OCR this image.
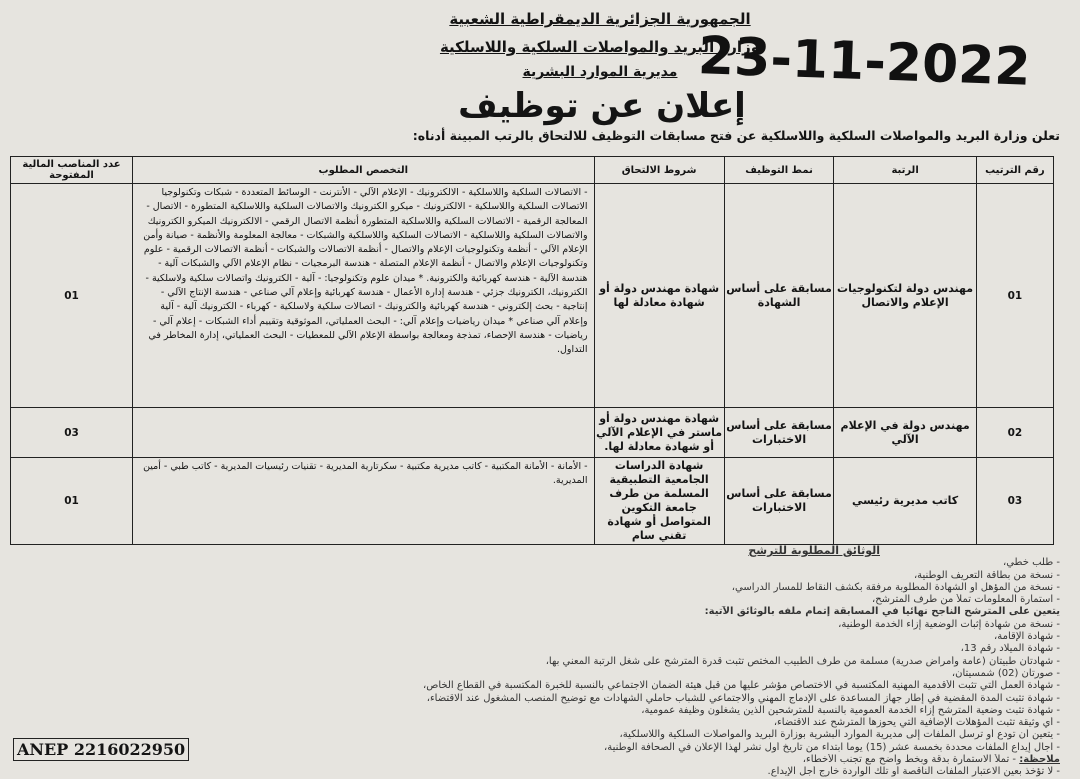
الجمهورية الجزائرية الديمقراطية الشعبية
وزارة البريد والمواصلات السلكية واللاسلكية
مديرية الموارد البشرية
إعلان عن توظيف
23-11-2022
تعلن وزارة البريد والمواصلات السلكية واللاسلكية عن فتح مسابقات التوظيف للالتحاق بالرتب المبينة أدناه:
رقم الترتيب	الرتبة	نمط التوظيف	شروط الالتحاق	التخصص المطلوب	عدد المناصب المالية المفتوحة
01	مهندس دولة لتكنولوجيات الإعلام والاتصال	مسابقة على أساس الشهادة	شهادة مهندس دولة أو شهادة معادلة لها	- الاتصالات السلكية واللاسلكية - الالكترونيك - الإعلام الآلي - الأنترنت - الوسائط المتعددة - شبكات وتكنولوجيا الاتصالات السلكية واللاسلكية - الالكترونيك - ميكرو الكترونيك والاتصالات السلكية واللاسلكية المتطورة - الاتصال - المعالجة الرقمية - الاتصالات السلكية واللاسلكية المتطورة أنظمة الاتصال الرقمي - الالكترونيك الميكرو الكترونيك والاتصالات السلكية واللاسلكية - الاتصالات السلكية واللاسلكية والشبكات - معالجة المعلومة والأنظمة - صيانة وأمن الإعلام الآلي - أنظمة وتكنولوجيات الإعلام والاتصال - أنظمة الاتصالات والشبكات - أنظمة الاتصالات الرقمية - علوم وتكنولوجيات الإعلام والاتصال - أنظمة الإعلام المتصلة - هندسة البرمجيات - نظام الإعلام الآلي والشبكات آلية - هندسة الآلية - هندسة كهربائية والكترونية. * ميدان علوم وتكنولوجيا: - آلية - الكترونيك واتصالات سلكية ولاسلكية - الكترونيك، الكترونيك جزئي - هندسة إدارة الأعمال - هندسة كهربائية وإعلام آلي صناعي - هندسة الإنتاج الآلي - إنتاجية - بحث إلكتروني - هندسة كهربائية والكترونيك - اتصالات سلكية ولاسلكية - كهرباء - الكترونيك آلية - آلية وإعلام آلي صناعي * ميدان رياضيات وإعلام آلي: - البحث العملياتي، الموثوقية وتقييم أداء الشبكات - إعلام آلي - رياضيات - هندسة الإحصاء، تمذجة ومعالجة بواسطة الإعلام الآلي للمعطيات - البحث العملياتي، إدارة المخاطر في التداول.	01
02	مهندس دولة في الإعلام الآلي	مسابقة على أساس الاختبارات	شهادة مهندس دولة أو ماستر في الإعلام الآلي أو شهادة معادلة لها.		03
03	كاتب مديرية رئيسي	مسابقة على أساس الاختبارات	شهادة الدراسات الجامعية التطبيقية المسلمة من طرف جامعة التكوين المتواصل أو شهادة تقني سام	- الأمانة - الأمانة المكتبية - كاتب مديرية مكتبية - سكرتارية المديرية - تقنيات رئيسيات المديرية - كاتب طبي - أمين المديرية.	01
الوثائق المطلوبة للترشح
- طلب خطي،
- نسخة من بطاقة التعريف الوطنية،
- نسخة من المؤهل أو الشهادة المطلوبة مرفقة بكشف النقاط للمسار الدراسي،
- استمارة المعلومات تملأ من طرف المترشح،
يتعين على المترشح الناجح نهائيا في المسابقة إتمام ملفه بالوثائق الآتية:
- نسخة من شهادة إثبات الوضعية إزاء الخدمة الوطنية،
- شهادة الإقامة،
- شهادة الميلاد رقم 13،
- شهادتان طبيتان (عامة وأمراض صدرية) مسلمة من طرف الطبيب المختص تثبت قدرة المترشح على شغل الرتبة المعني بها،
- صورتان (02) شمسيتان،
- شهادة العمل التي تثبت الأقدمية المهنية المكتسبة في الاختصاص مؤشر عليها من قبل هيئة الضمان الاجتماعي بالنسبة للخبرة المكتسبة في القطاع الخاص،
- شهادة تثبت المدة المقضية في إطار جهاز المساعدة على الإدماج المهني والاجتماعي للشباب حاملي الشهادات مع توضيح المنصب المشغول عند الاقتضاء،
- شهادة تثبت وضعية المترشح إزاء الخدمة العمومية بالنسبة للمترشحين الذين يشغلون وظيفة عمومية،
- أي وثيقة تثبت المؤهلات الإضافية التي يحوزها المترشح عند الاقتضاء،
- يتعين أن تودع أو ترسل الملفات إلى مديرية الموارد البشرية بوزارة البريد والمواصلات السلكية واللاسلكية،
- آجال إيداع الملفات محددة بخمسة عشر (15) يوما ابتداء من تاريخ أول نشر لهذا الإعلان في الصحافة الوطنية،
ملاحظة: - تملأ الاستمارة بدقة وبخط واضح مع تجنب الأخطاء،
- لا تؤخذ بعين الاعتبار الملفات الناقصة أو تلك الواردة خارج أجل الإيداع.
ANEP 2216022950
